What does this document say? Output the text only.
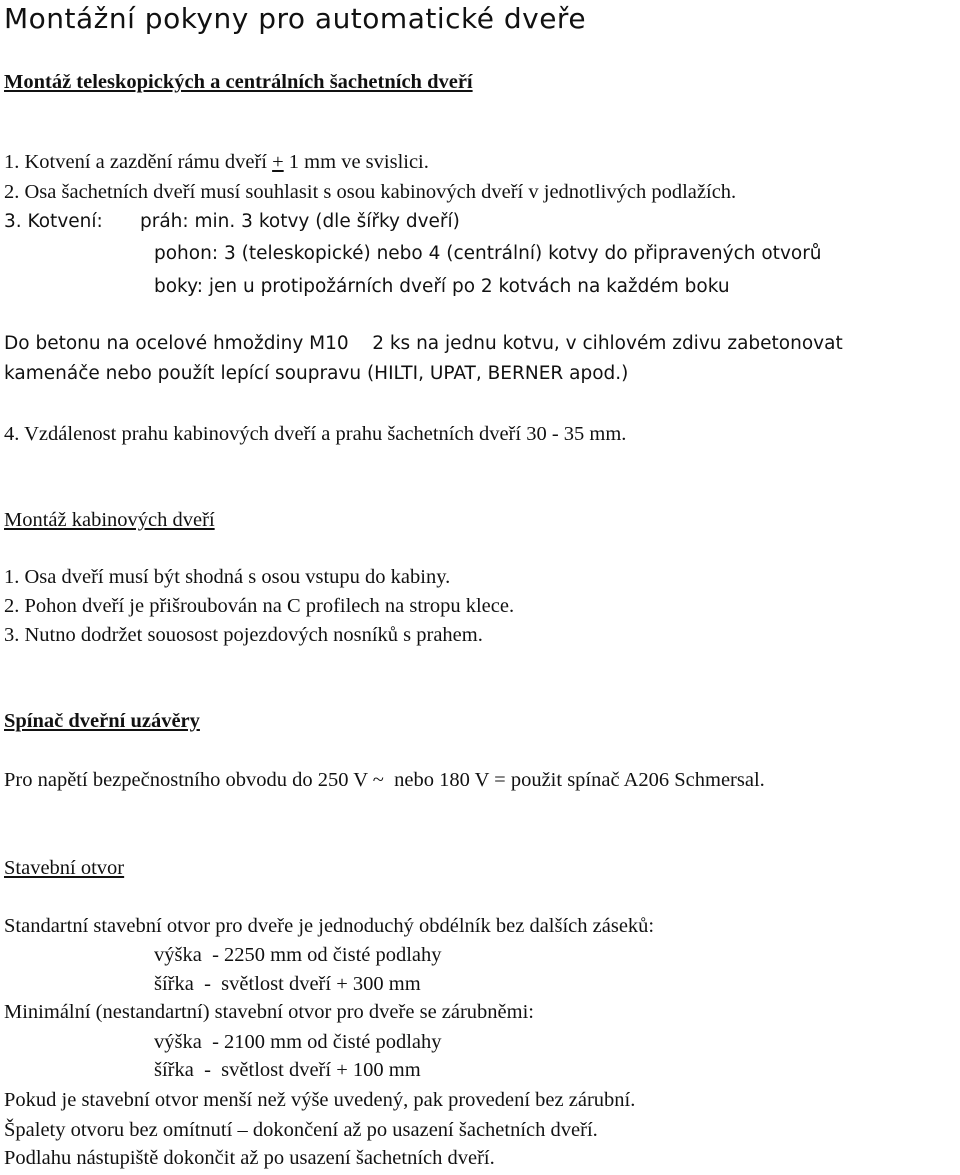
Montážní pokyny pro automatické dveře
Montáž teleskopických a centrálních šachetních dveří
1. Kotvení a zazdění rámu dveří + 1 mm ve svislici.
2. Osa šachetních dveří musí souhlasit s osou kabinových dveří v jednotlivých podlažích.
3. Kotvení: práh: min. 3 kotvy (dle šířky dveří)
pohon: 3 (teleskopické) nebo 4 (centrální) kotvy do připravených otvorů
boky: jen u protipožárních dveří po 2 kotvách na každém boku
Do betonu na ocelové hmoždiny M10    2 ks na jednu kotvu, v cihlovém zdivu zabetonovat
kamenáče nebo použít lepící soupravu (HILTI, UPAT, BERNER apod.)
4. Vzdálenost prahu kabinových dveří a prahu šachetních dveří 30 - 35 mm.
Montáž kabinových dveří
1. Osa dveří musí být shodná s osou vstupu do kabiny.
2. Pohon dveří je přišroubován na C profilech na stropu klece.
3. Nutno dodržet souosost pojezdových nosníků s prahem.
Spínač dveřní uzávěry
Pro napětí bezpečnostního obvodu do 250 V ~  nebo 180 V = použit spínač A206 Schmersal.
Stavební otvor
Standartní stavební otvor pro dveře je jednoduchý obdélník bez dalších záseků:
výška  - 2250 mm od čisté podlahy
šířka  -  světlost dveří + 300 mm
Minimální (nestandartní) stavební otvor pro dveře se zárubněmi:
výška  - 2100 mm od čisté podlahy
šířka  -  světlost dveří + 100 mm
Pokud je stavební otvor menší než výše uvedený, pak provedení bez zárubní.
Špalety otvoru bez omítnutí – dokončení až po usazení šachetních dveří.
Podlahu nástupiště dokončit až po usazení šachetních dveří.
